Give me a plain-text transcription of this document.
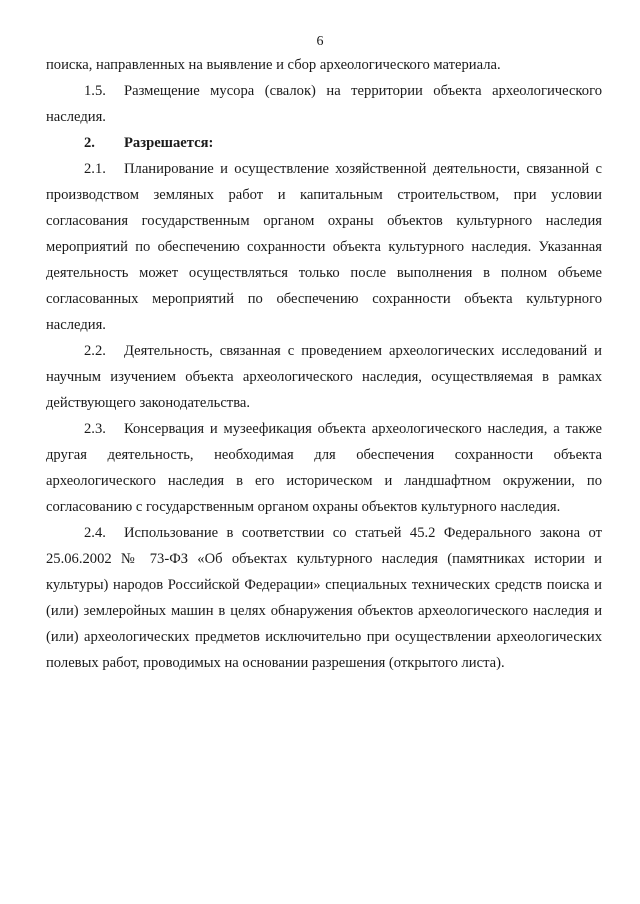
6

поиска, направленных на выявление и сбор археологического материала.

1.5. Размещение мусора (свалок) на территории объекта археологического наследия.

2. Разрешается:

2.1. Планирование и осуществление хозяйственной деятельности, связанной с производством земляных работ и капитальным строительством, при условии согласования государственным органом охраны объектов культурного наследия мероприятий по обеспечению сохранности объекта культурного наследия. Указанная деятельность может осуществляться только после выполнения в полном объеме согласованных мероприятий по обеспечению сохранности объекта культурного наследия.

2.2. Деятельность, связанная с проведением археологических исследований и научным изучением объекта археологического наследия, осуществляемая в рамках действующего законодательства.

2.3. Консервация и музеефикация объекта археологического наследия, а также другая деятельность, необходимая для обеспечения сохранности объекта археологического наследия в его историческом и ландшафтном окружении, по согласованию с государственным органом охраны объектов культурного наследия.

2.4. Использование в соответствии со статьей 45.2 Федерального закона от 25.06.2002 № 73-ФЗ «Об объектах культурного наследия (памятниках истории и культуры) народов Российской Федерации» специальных технических средств поиска и (или) землеройных машин в целях обнаружения объектов археологического наследия и (или) археологических предметов исключительно при осуществлении археологических полевых работ, проводимых на основании разрешения (открытого листа).
